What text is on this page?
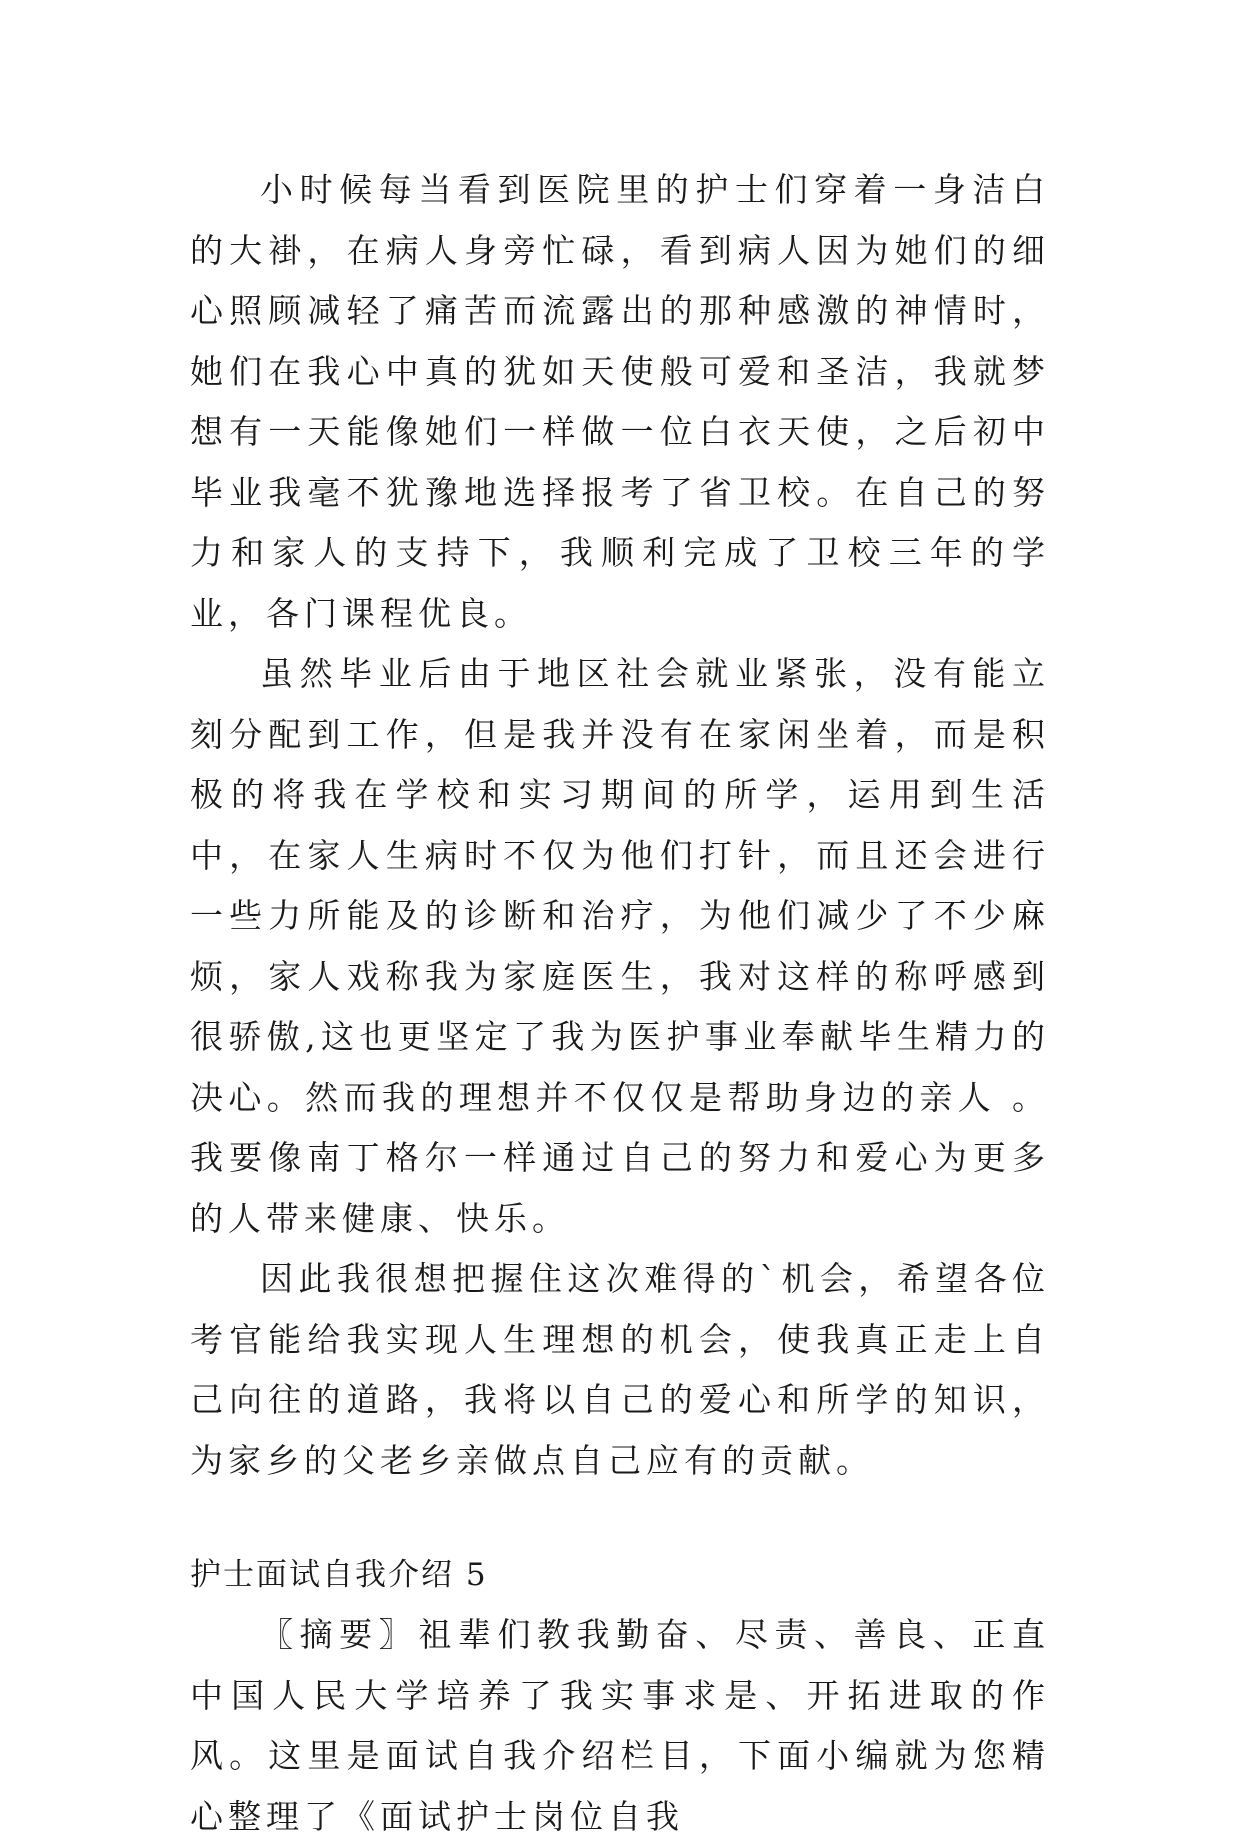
小时候每当看到医院里的护士们穿着一身洁白的大褂，在病人身旁忙碌，看到病人因为她们的细心照顾减轻了痛苦而流露出的那种感激的神情时，她们在我心中真的犹如天使般可爱和圣洁，我就梦想有一天能像她们一样做一位白衣天使，之后初中毕业我毫不犹豫地选择报考了省卫校。在自己的努力和家人的支持下，我顺利完成了卫校三年的学业，各门课程优良。

虽然毕业后由于地区社会就业紧张，没有能立刻分配到工作，但是我并没有在家闲坐着，而是积极的将我在学校和实习期间的所学，运用到生活中，在家人生病时不仅为他们打针，而且还会进行一些力所能及的诊断和治疗，为他们减少了不少麻烦，家人戏称我为家庭医生，我对这样的称呼感到很骄傲,这也更坚定了我为医护事业奉献毕生精力的决心。然而我的理想并不仅仅是帮助身边的亲人 。我要像南丁格尔一样通过自己的努力和爱心为更多的人带来健康、快乐。

因此我很想把握住这次难得的`机会，希望各位考官能给我实现人生理想的机会，使我真正走上自己向往的道路，我将以自己的爱心和所学的知识，为家乡的父老乡亲做点自己应有的贡献。

护士面试自我介绍 5

〖摘要〗祖辈们教我勤奋、尽责、善良、正直中国人民大学培养了我实事求是、开拓进取的作风。这里是面试自我介绍栏目，下面小编就为您精心整理了《面试护士岗位自我
